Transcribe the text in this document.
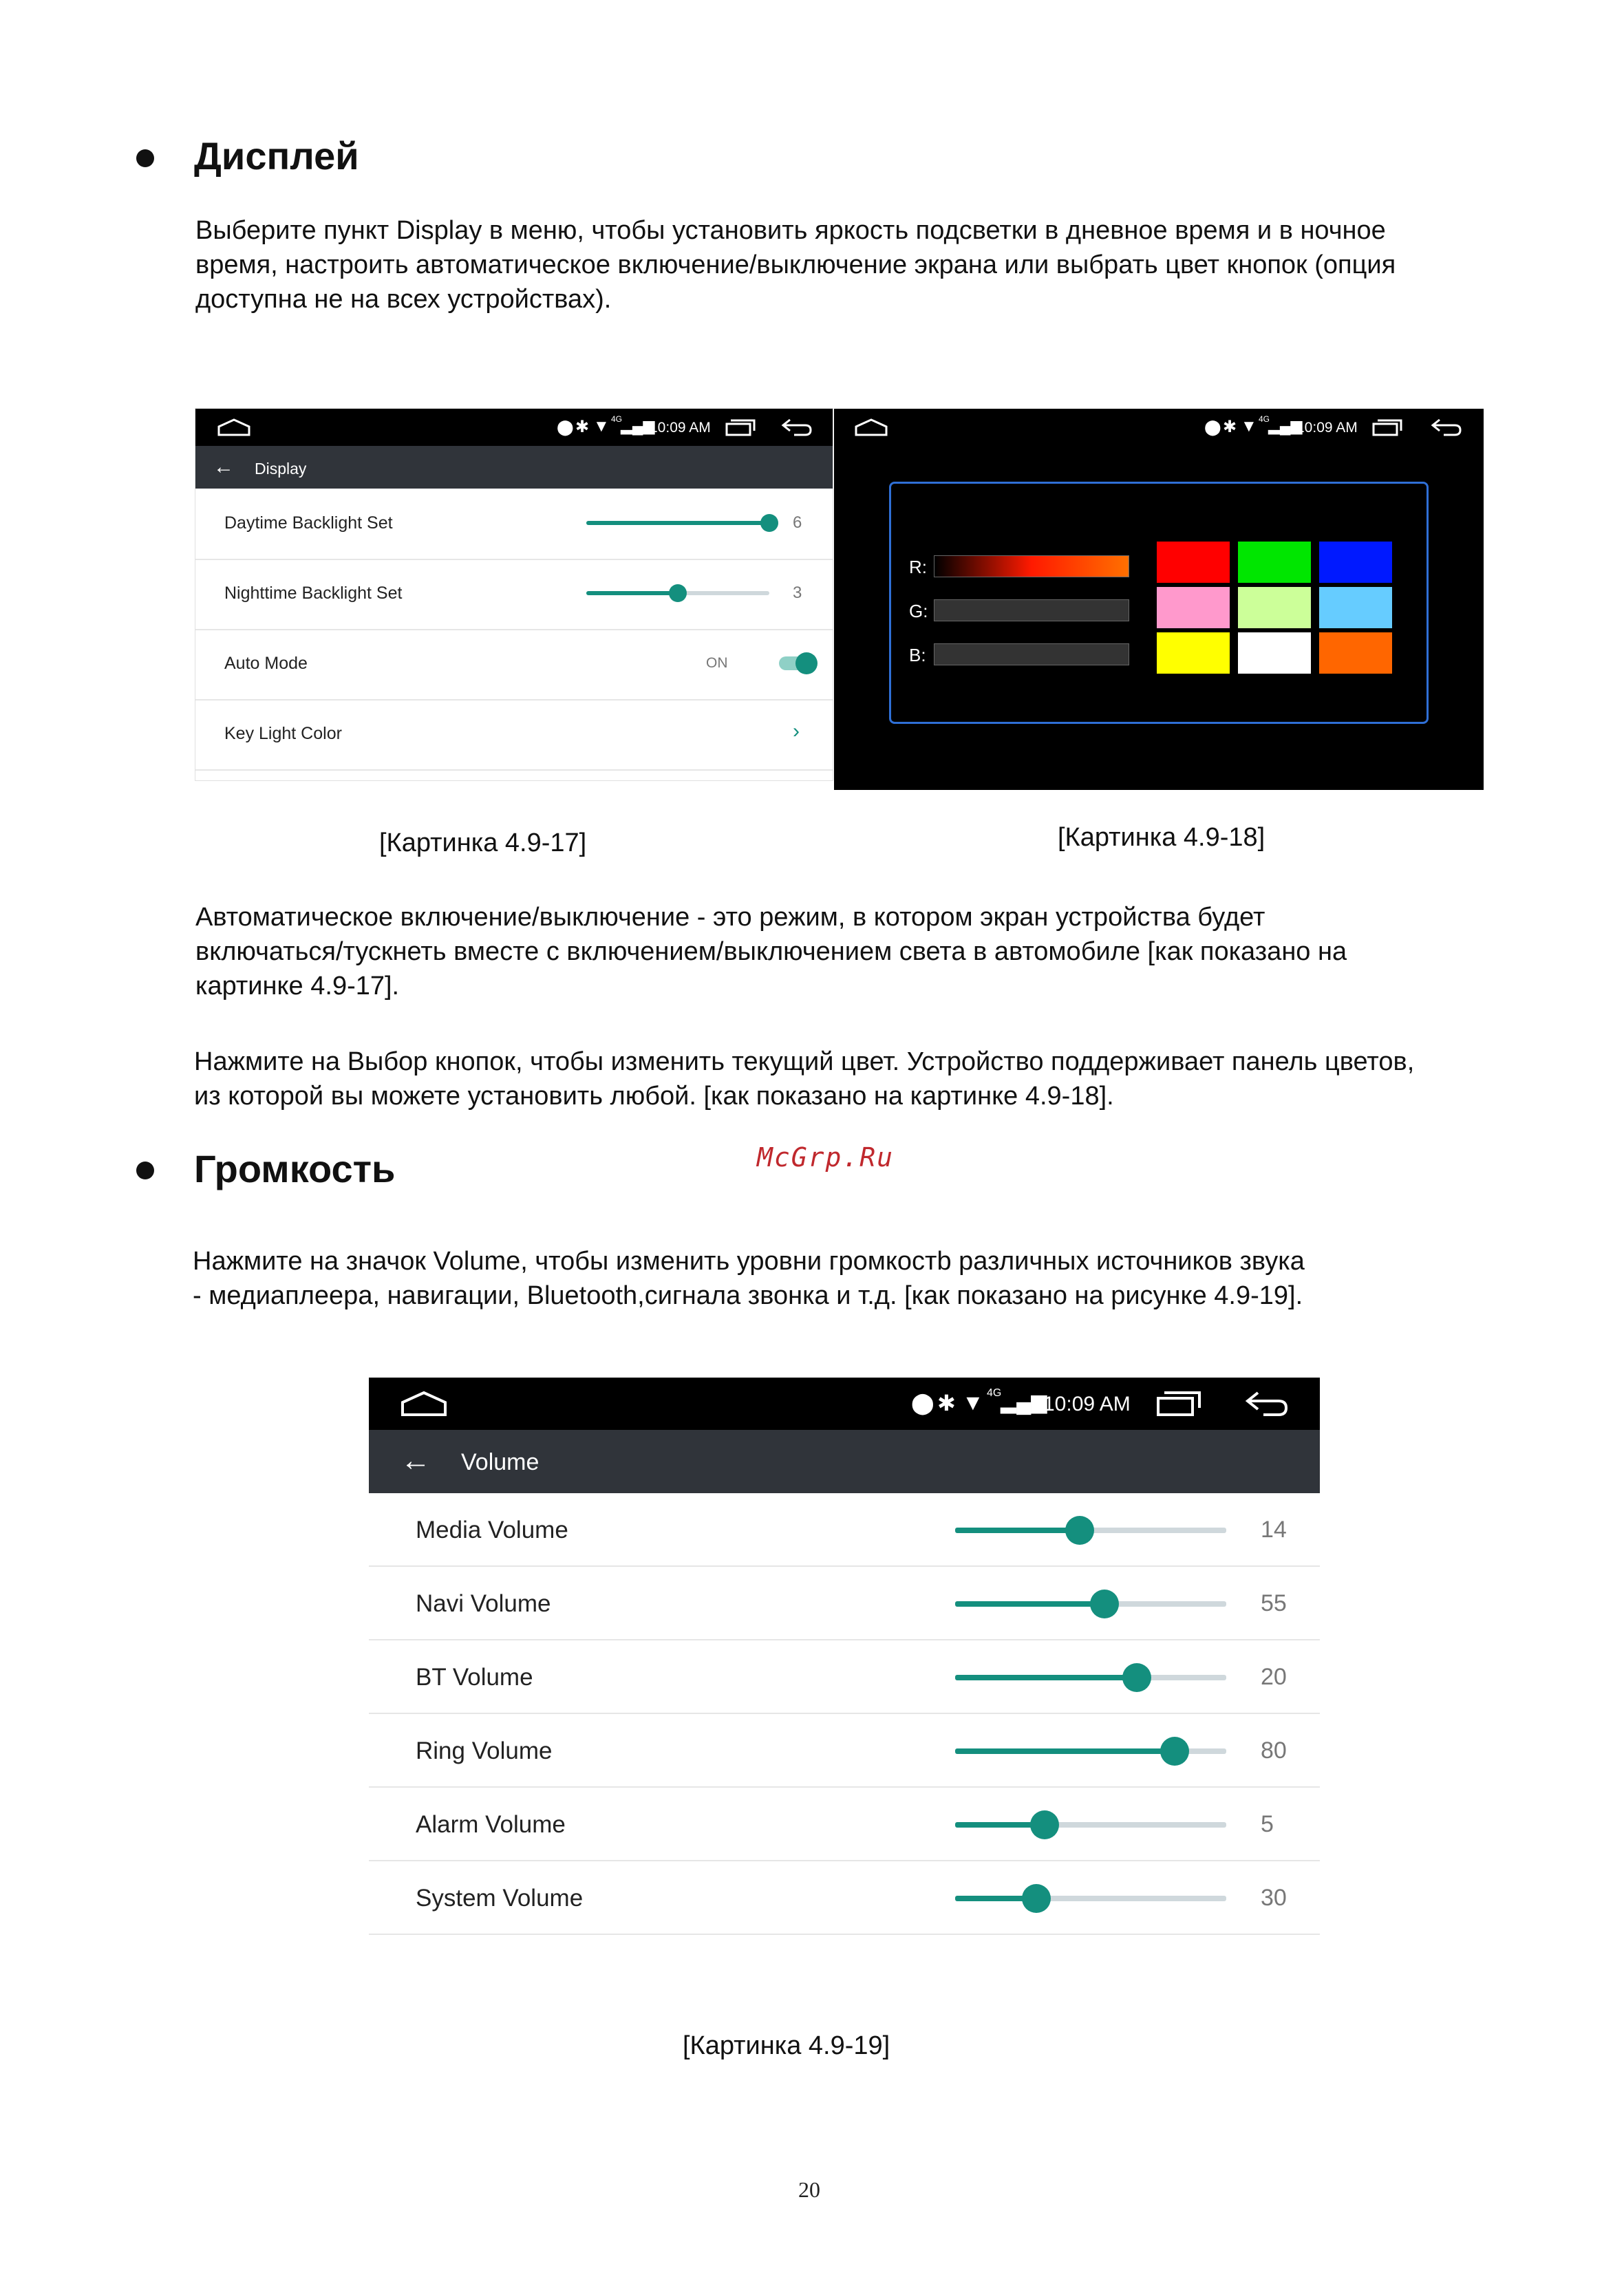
Дисплей
Выберите пункт Display в меню, чтобы установить яркость подсветки в дневное время и в ночное
время, настроить автоматическое включение/выключение экрана или выбрать цвет кнопок (опция
доступна не на всех устройствах).
⬤ ✱ ▼ 4G
▂▄▆
10:09 AM
← Display
Daytime Backlight Set	6
Nighttime Backlight Set	3
Auto Mode	ON
Key Light Color	›
⬤ ✱ ▼ 4G
▂▄▆
10:09 AM
R:
G:
B:
[Картинка 4.9-17]	[Картинка 4.9-18]
Автоматическое включение/выключение - это режим, в котором экран устройства будет
включаться/тускнеть вместе с включением/выключением света в автомобиле [как показано на
картинке 4.9-17].
Нажмите на Выбор кнопок, чтобы изменить текущий цвет. Устройство поддерживает панель цветов,
из которой вы можете установить любой. [как показано на картинке 4.9-18].
Громкость	McGrp.Ru
Нажмите на значок Volume, чтобы изменить уровни громкостb различных источников звука
- медиаплеера, навигации, Bluetooth,сигнала звонка и т.д. [как показано на рисунке 4.9-19].
⬤ ✱ ▼ 4G
▂▄▆
10:09 AM
← Volume
Media Volume	14
Navi Volume	55
BT Volume	20
Ring Volume	80
Alarm Volume	5
System Volume	30
[Картинка 4.9-19]
20
